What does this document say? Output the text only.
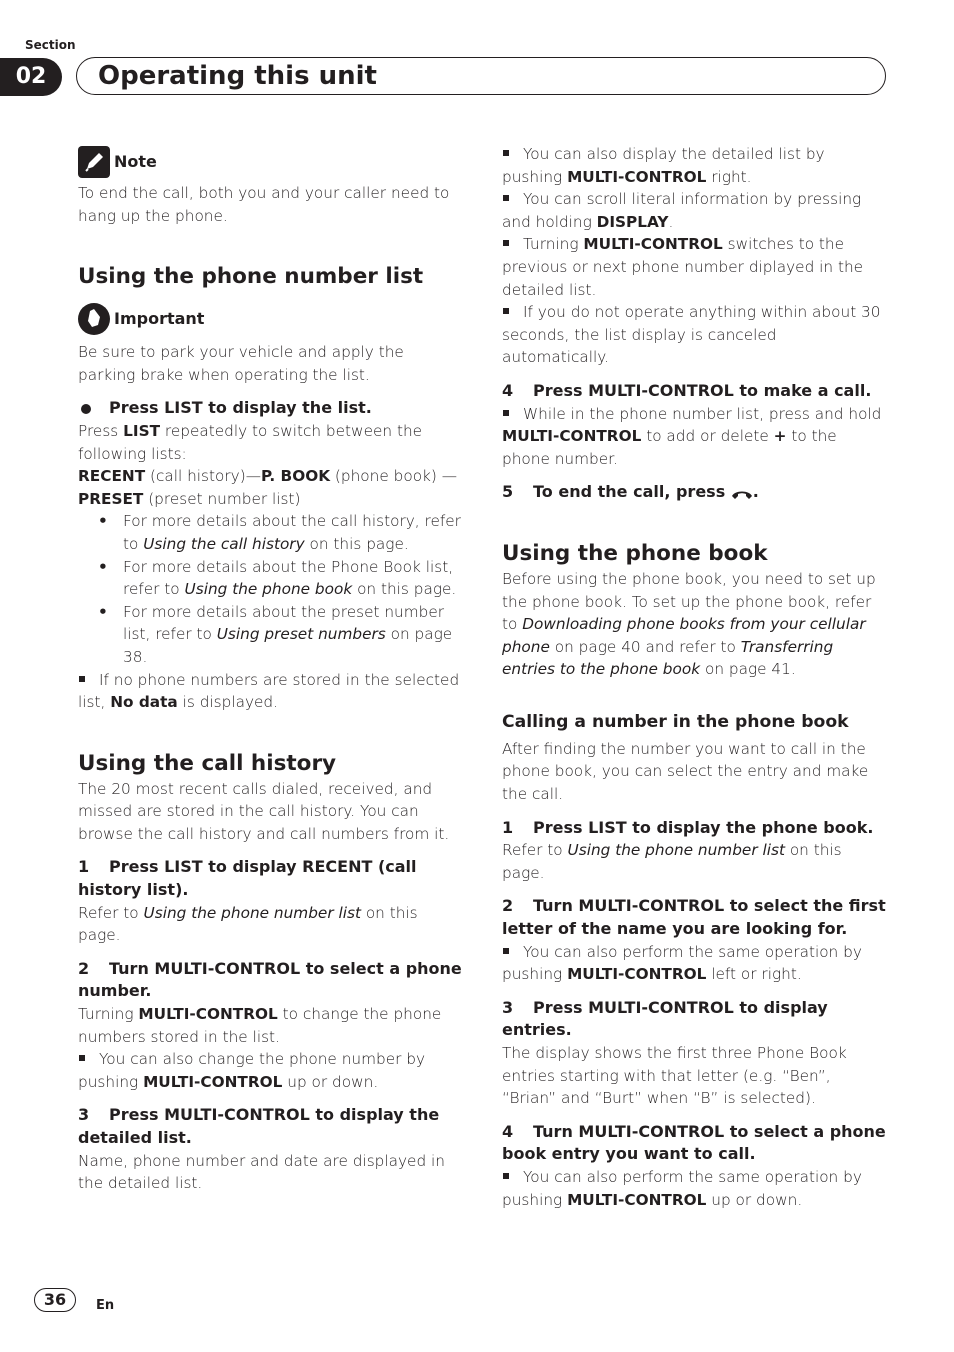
Section
02	Operating this unit
Note

To end the call, both you and your caller need to hang up the phone.

Using the phone number list
Important

Be sure to park your vehicle and apply the parking brake when operating the list.

Press LIST to display the list.

Press LIST repeatedly to switch between the following lists:
RECENT (call history)—P. BOOK (phone book) —PRESET (preset number list)

• For more details about the call history, refer to Using the call history on this page.
• For more details about the Phone Book list, refer to Using the phone book on this page.
• For more details about the preset number list, refer to Using preset numbers on page 38.

If no phone numbers are stored in the selected list, No data is displayed.

Using the call history

The 20 most recent calls dialed, received, and missed are stored in the call history. You can browse the call history and call numbers from it.

1 Press LIST to display RECENT (call history list).

Refer to Using the phone number list on this page.

2 Turn MULTI-CONTROL to select a phone number.

Turning MULTI-CONTROL to change the phone numbers stored in the list.

You can also change the phone number by pushing MULTI-CONTROL up or down.

3 Press MULTI-CONTROL to display the detailed list.

Name, phone number and date are displayed in the detailed list.

You can also display the detailed list by pushing MULTI-CONTROL right.

You can scroll literal information by pressing and holding DISPLAY.

Turning MULTI-CONTROL switches to the previous or next phone number diplayed in the detailed list.

If you do not operate anything within about 30 seconds, the list display is canceled automatically.

4 Press MULTI-CONTROL to make a call.

While in the phone number list, press and hold MULTI-CONTROL to add or delete + to the phone number.

5 To end the call, press .
Using the phone book

Before using the phone book, you need to set up the phone book. To set up the phone book, refer to Downloading phone books from your cellular phone on page 40 and refer to Transferring entries to the phone book on page 41.

Calling a number in the phone book

After finding the number you want to call in the phone book, you can select the entry and make the call.

1 Press LIST to display the phone book.

Refer to Using the phone number list on this page.

2 Turn MULTI-CONTROL to select the first letter of the name you are looking for.

You can also perform the same operation by pushing MULTI-CONTROL left or right.

3 Press MULTI-CONTROL to display entries.

The display shows the first three Phone Book entries starting with that letter (e.g. “Ben”, “Brian” and “Burt” when “B” is selected).

4 Turn MULTI-CONTROL to select a phone book entry you want to call.

You can also perform the same operation by pushing MULTI-CONTROL up or down.

36	En
